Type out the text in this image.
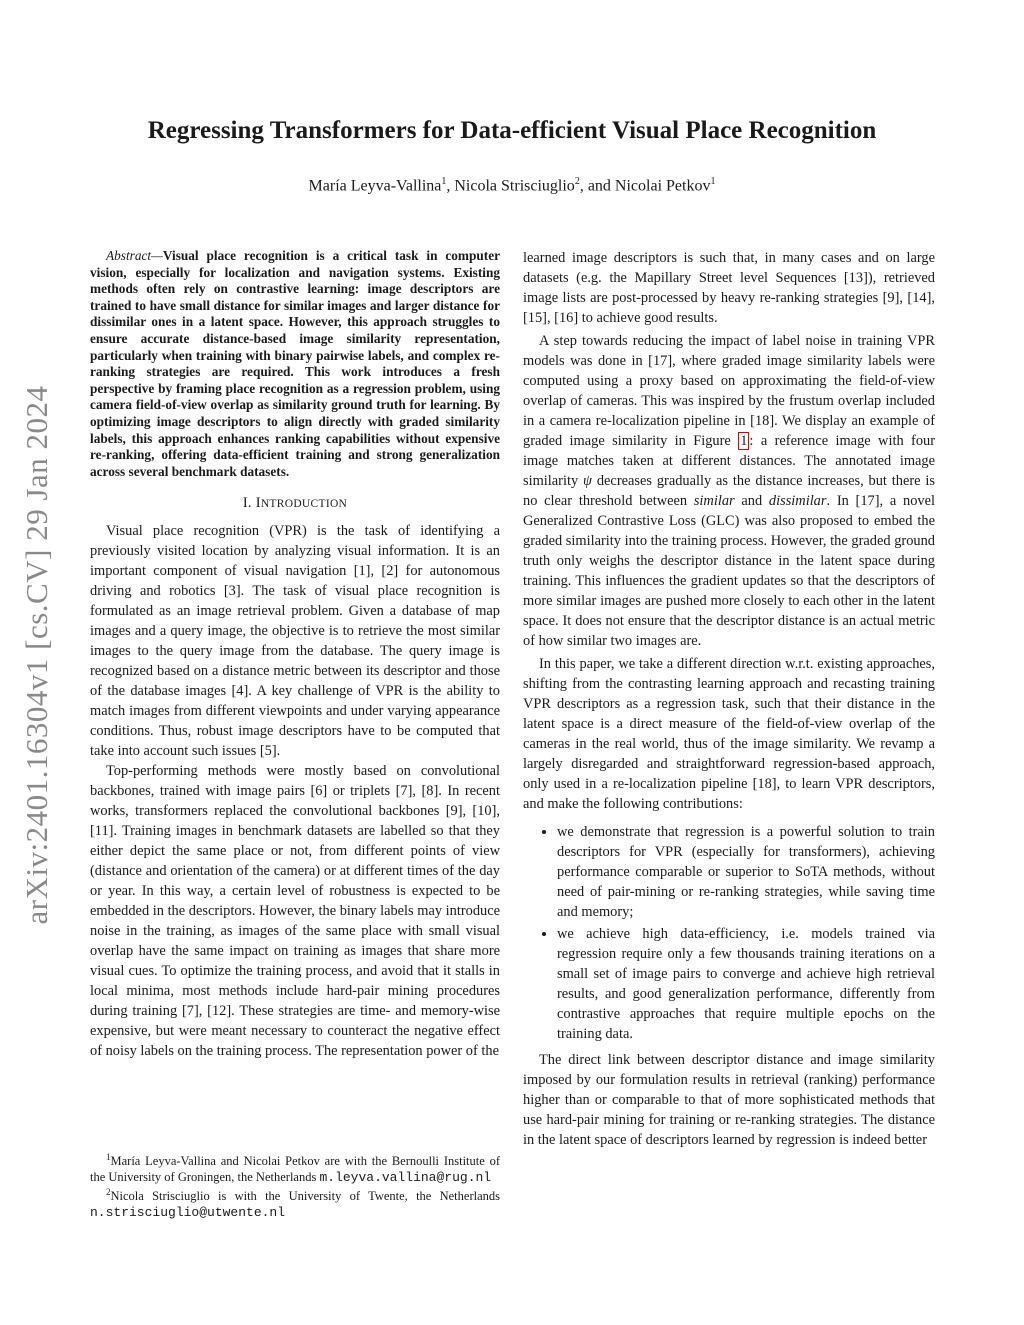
arXiv:2401.16304v1 [cs.CV] 29 Jan 2024
Regressing Transformers for Data-efficient Visual Place Recognition
María Leyva-Vallina$^1$, Nicola Strisciuglio$^2$, and Nicolai Petkov$^1$

Abstract—Visual place recognition is a critical task in computer vision, especially for localization and navigation systems. Existing methods often rely on contrastive learning: image descriptors are trained to have small distance for similar images and larger distance for dissimilar ones in a latent space. However, this approach struggles to ensure accurate distance-based image similarity representation, particularly when training with binary pairwise labels, and complex re-ranking strategies are required. This work introduces a fresh perspective by framing place recognition as a regression problem, using camera field-of-view overlap as similarity ground truth for learning. By optimizing image descriptors to align directly with graded similarity labels, this approach enhances ranking capabilities without expensive re-ranking, offering data-efficient training and strong generalization across several benchmark datasets.

I. INTRODUCTION

Visual place recognition (VPR) is the task of identifying a previously visited location by analyzing visual information. It is an important component of visual navigation [1], [2] for autonomous driving and robotics [3]. The task of visual place recognition is formulated as an image retrieval problem. Given a database of map images and a query image, the objective is to retrieve the most similar images to the query image from the database. The query image is recognized based on a distance metric between its descriptor and those of the database images [4]. A key challenge of VPR is the ability to match images from different viewpoints and under varying appearance conditions. Thus, robust image descriptors have to be computed that take into account such issues [5].

Top-performing methods were mostly based on convolutional backbones, trained with image pairs [6] or triplets [7], [8]. In recent works, transformers replaced the convolutional backbones [9], [10], [11]. Training images in benchmark datasets are labelled so that they either depict the same place or not, from different points of view (distance and orientation of the camera) or at different times of the day or year. In this way, a certain level of robustness is expected to be embedded in the descriptors. However, the binary labels may introduce noise in the training, as images of the same place with small visual overlap have the same impact on training as images that share more visual cues. To optimize the training process, and avoid that it stalls in local minima, most methods include hard-pair mining procedures during training [7], [12]. These strategies are time- and memory-wise expensive, but were meant necessary to counteract the negative effect of noisy labels on the training process. The representation power of the

$^1$María Leyva-Vallina and Nicolai Petkov are with the Bernoulli Institute of the University of Groningen, the Netherlands m.leyva.vallina@rug.nl
$^2$Nicola Strisciuglio is with the University of Twente, the Netherlands n.strisciuglio@utwente.nl

learned image descriptors is such that, in many cases and on large datasets (e.g. the Mapillary Street level Sequences [13]), retrieved image lists are post-processed by heavy re-ranking strategies [9], [14], [15], [16] to achieve good results.

A step towards reducing the impact of label noise in training VPR models was done in [17], where graded image similarity labels were computed using a proxy based on approximating the field-of-view overlap of cameras. This was inspired by the frustum overlap included in a camera re-localization pipeline in [18]. We display an example of graded image similarity in Figure 1 : a reference image with four image matches taken at different distances. The annotated image similarity ψ decreases gradually as the distance increases, but there is no clear threshold between similar and dissimilar. In [17], a novel Generalized Contrastive Loss (GLC) was also proposed to embed the graded similarity into the training process. However, the graded ground truth only weighs the descriptor distance in the latent space during training. This influences the gradient updates so that the descriptors of more similar images are pushed more closely to each other in the latent space. It does not ensure that the descriptor distance is an actual metric of how similar two images are.

In this paper, we take a different direction w.r.t. existing approaches, shifting from the contrasting learning approach and recasting training VPR descriptors as a regression task, such that their distance in the latent space is a direct measure of the field-of-view overlap of the cameras in the real world, thus of the image similarity. We revamp a largely disregarded and straightforward regression-based approach, only used in a re-localization pipeline [18], to learn VPR descriptors, and make the following contributions:

• we demonstrate that regression is a powerful solution to train descriptors for VPR (especially for transformers), achieving performance comparable or superior to SoTA methods, without need of pair-mining or re-ranking strategies, while saving time and memory;
• we achieve high data-efficiency, i.e. models trained via regression require only a few thousands training iterations on a small set of image pairs to converge and achieve high retrieval results, and good generalization performance, differently from contrastive approaches that require multiple epochs on the training data.

The direct link between descriptor distance and image similarity imposed by our formulation results in retrieval (ranking) performance higher than or comparable to that of more sophisticated methods that use hard-pair mining for training or re-ranking strategies. The distance in the latent space of descriptors learned by regression is indeed better
